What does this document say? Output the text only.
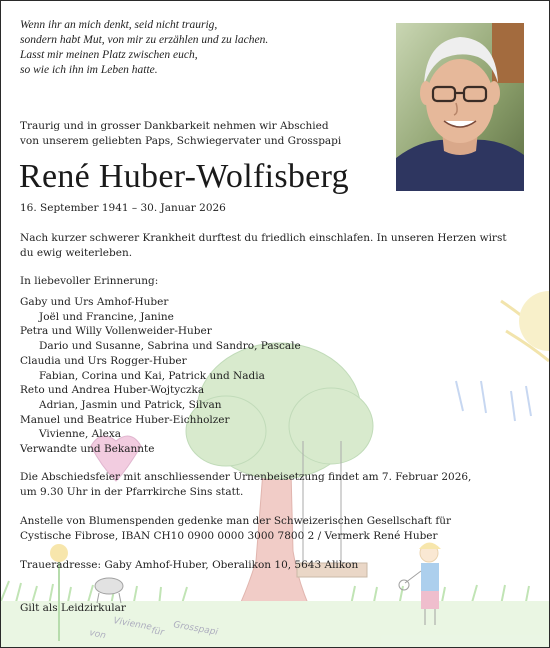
von
Vivienne
für Grosspapi
Wenn ihr an mich denkt, seid nicht traurig,
sondern habt Mut, von mir zu erzählen und zu lachen.
Lasst mir meinen Platz zwischen euch,
so wie ich ihn im Leben hatte.
Traurig und in grosser Dankbarkeit nehmen wir Abschied
von unserem geliebten Paps, Schwiegervater und Grosspapi
René Huber-Wolfisberg
16. September 1941 – 30. Januar 2026
Nach kurzer schwerer Krankheit durftest du friedlich einschlafen. In unseren Herzen wirst
du ewig weiterleben.
In liebevoller Erinnerung:
Gaby und Urs Amhof-Huber
Joël und Francine, Janine
Petra und Willy Vollenweider-Huber
Dario und Susanne, Sabrina und Sandro, Pascale
Claudia und Urs Rogger-Huber
Fabian, Corina und Kai, Patrick und Nadia
Reto und Andrea Huber-Wojtyczka
Adrian, Jasmin und Patrick, Silvan
Manuel und Beatrice Huber-Eichholzer
Vivienne, Alexa
Verwandte und Bekannte
Die Abschiedsfeier mit anschliessender Urnenbeisetzung findet am 7. Februar 2026,
um 9.30 Uhr in der Pfarrkirche Sins statt.
Anstelle von Blumenspenden gedenke man der Schweizerischen Gesellschaft für
Cystische Fibrose, IBAN CH10 0900 0000 3000 7800 2 / Vermerk René Huber
Traueradresse: Gaby Amhof-Huber, Oberalikon 10, 5643 Alikon
Gilt als Leidzirkular
